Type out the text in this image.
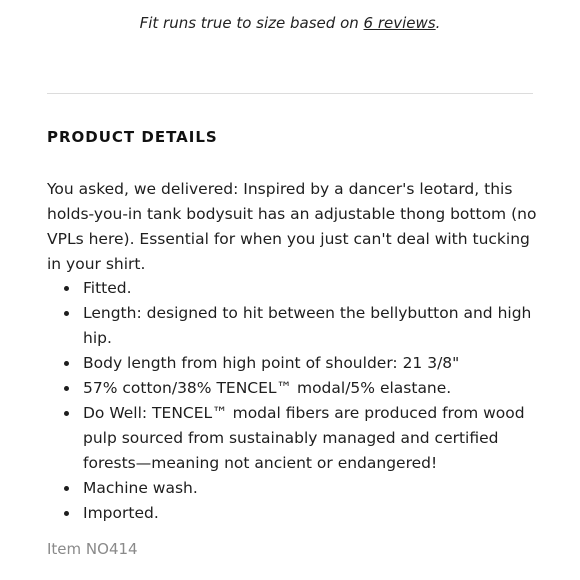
Fit runs true to size based on 6 reviews.
PRODUCT DETAILS

You asked, we delivered: Inspired by a dancer's leotard, this holds-you-in tank bodysuit has an adjustable thong bottom (no VPLs here). Essential for when you just can't deal with tucking in your shirt.

Fitted.
Length: designed to hit between the bellybutton and high hip.
Body length from high point of shoulder: 21 3/8"
57% cotton/38% TENCEL™ modal/5% elastane.
Do Well: TENCEL™ modal fibers are produced from wood pulp sourced from sustainably managed and certified forests—meaning not ancient or endangered!
Machine wash.
Imported.
Item NO414
